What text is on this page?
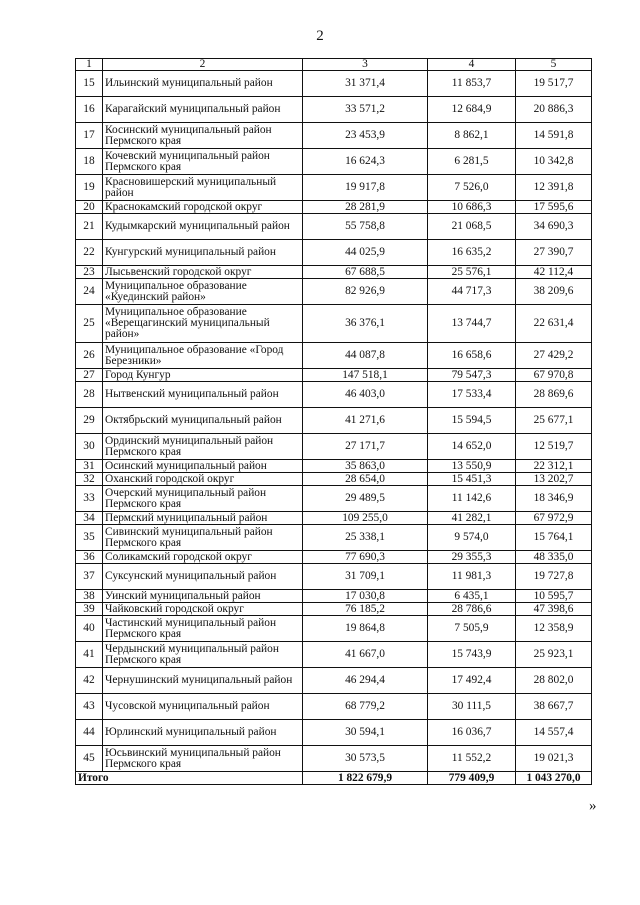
2
1	2	3	4	5
15	Ильинский муниципальный район	31 371,4	11 853,7	19 517,7
16	Карагайский муниципальный район	33 571,2	12 684,9	20 886,3
17	Косинский муниципальный район Пермского края	23 453,9	8 862,1	14 591,8
18	Кочевский муниципальный район Пермского края	16 624,3	6 281,5	10 342,8
19	Красновишерский муниципальный район	19 917,8	7 526,0	12 391,8
20	Краснокамский городской округ	28 281,9	10 686,3	17 595,6
21	Кудымкарский муниципальный район	55 758,8	21 068,5	34 690,3
22	Кунгурский муниципальный район	44 025,9	16 635,2	27 390,7
23	Лысьвенский городской округ	67 688,5	25 576,1	42 112,4
24	Муниципальное образование «Куединский район»	82 926,9	44 717,3	38 209,6
25	Муниципальное образование «Верещагинский муниципальный район»	36 376,1	13 744,7	22 631,4
26	Муниципальное образование «Город Березники»	44 087,8	16 658,6	27 429,2
27	Город Кунгур	147 518,1	79 547,3	67 970,8
28	Нытвенский муниципальный район	46 403,0	17 533,4	28 869,6
29	Октябрьский муниципальный район	41 271,6	15 594,5	25 677,1
30	Ординский муниципальный район Пермского края	27 171,7	14 652,0	12 519,7
31	Осинский муниципальный район	35 863,0	13 550,9	22 312,1
32	Оханский городской округ	28 654,0	15 451,3	13 202,7
33	Очерский муниципальный район Пермского края	29 489,5	11 142,6	18 346,9
34	Пермский муниципальный район	109 255,0	41 282,1	67 972,9
35	Сивинский муниципальный район Пермского края	25 338,1	9 574,0	15 764,1
36	Соликамский городской округ	77 690,3	29 355,3	48 335,0
37	Суксунский муниципальный район	31 709,1	11 981,3	19 727,8
38	Уинский муниципальный район	17 030,8	6 435,1	10 595,7
39	Чайковский городской округ	76 185,2	28 786,6	47 398,6
40	Частинский муниципальный район Пермского края	19 864,8	7 505,9	12 358,9
41	Чердынский муниципальный район Пермского края	41 667,0	15 743,9	25 923,1
42	Чернушинский муниципальный район	46 294,4	17 492,4	28 802,0
43	Чусовской муниципальный район	68 779,2	30 111,5	38 667,7
44	Юрлинский муниципальный район	30 594,1	16 036,7	14 557,4
45	Юсьвинский муниципальный район Пермского края	30 573,5	11 552,2	19 021,3
Итого		1 822 679,9	779 409,9	1 043 270,0
»
